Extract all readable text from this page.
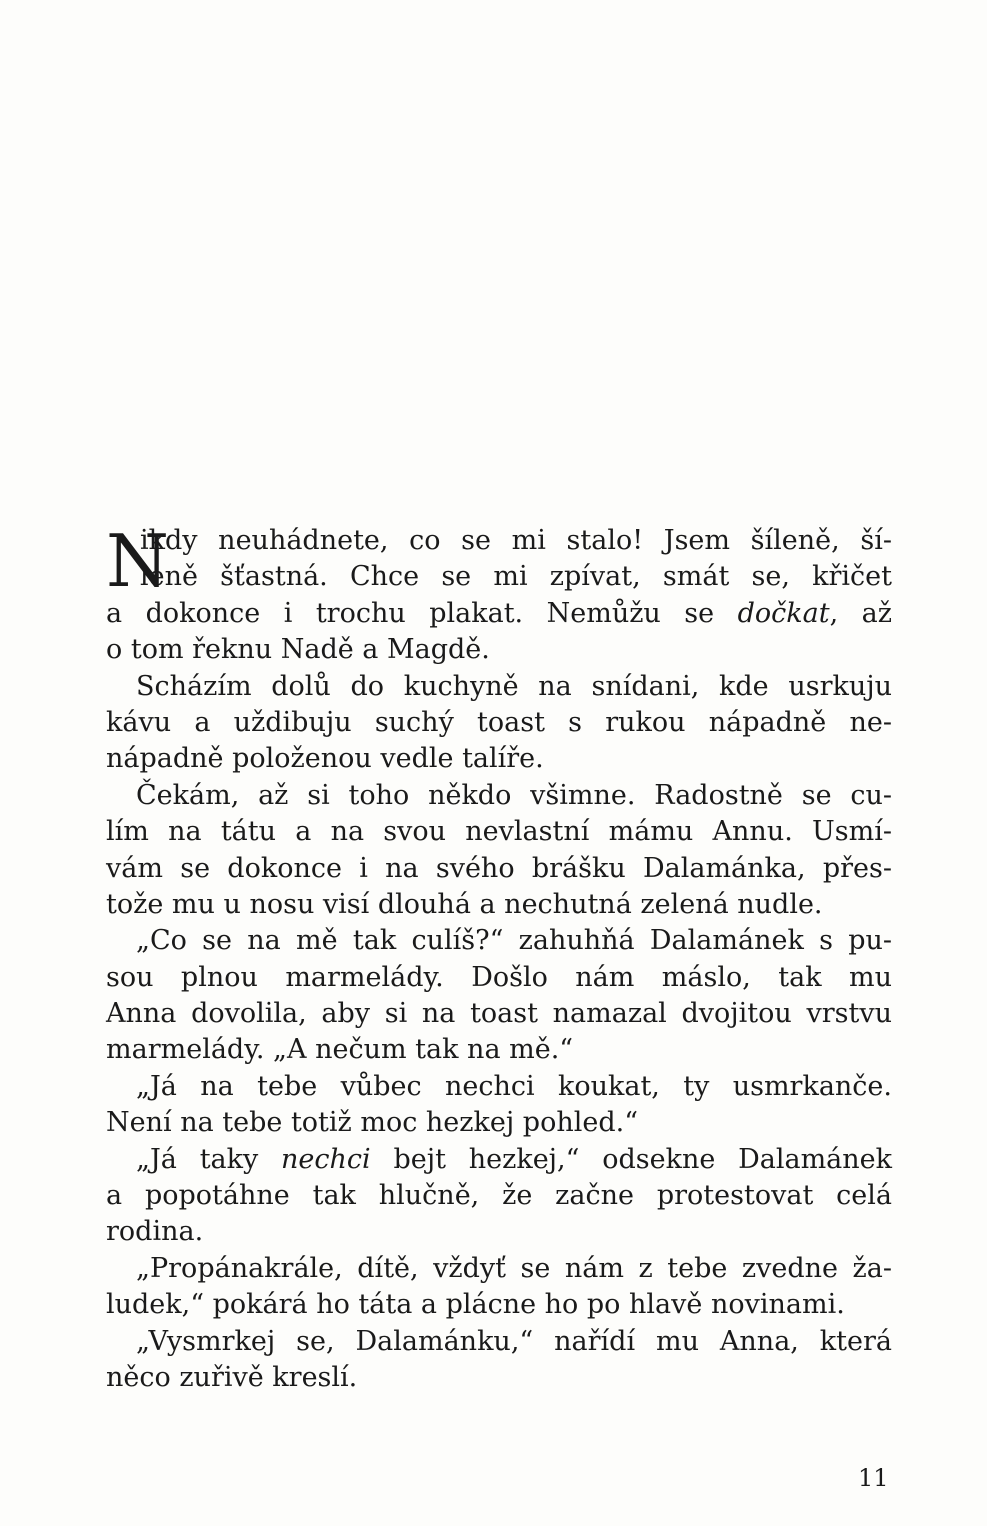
N
ikdy neuhádnete, co se mi stalo! Jsem šíleně, ší-
leně šťastná. Chce se mi zpívat, smát se, křičet
a dokonce i trochu plakat. Nemůžu se dočkat, až
o tom řeknu Nadě a Magdě.
Scházím dolů do kuchyně na snídani, kde usrkuju
kávu a uždibuju suchý toast s rukou nápadně ne-
nápadně položenou vedle talíře.
Čekám, až si toho někdo všimne. Radostně se cu-
lím na tátu a na svou nevlastní mámu Annu. Usmí-
vám se dokonce i na svého brášku Dalamánka, přes-
tože mu u nosu visí dlouhá a nechutná zelená nudle.
„Co se na mě tak culíš?“ zahuhňá Dalamánek s pu-
sou plnou marmelády. Došlo nám máslo, tak mu
Anna dovolila, aby si na toast namazal dvojitou vrstvu
marmelády. „A nečum tak na mě.“
„Já na tebe vůbec nechci koukat, ty usmrkanče.
Není na tebe totiž moc hezkej pohled.“
„Já taky nechci bejt hezkej,“ odsekne Dalamánek
a popotáhne tak hlučně, že začne protestovat celá
rodina.
„Propánakrále, dítě, vždyť se nám z tebe zvedne ža-
ludek,“ pokárá ho táta a plácne ho po hlavě novinami.
„Vysmrkej se, Dalamánku,“ nařídí mu Anna, která
něco zuřivě kreslí.
11
